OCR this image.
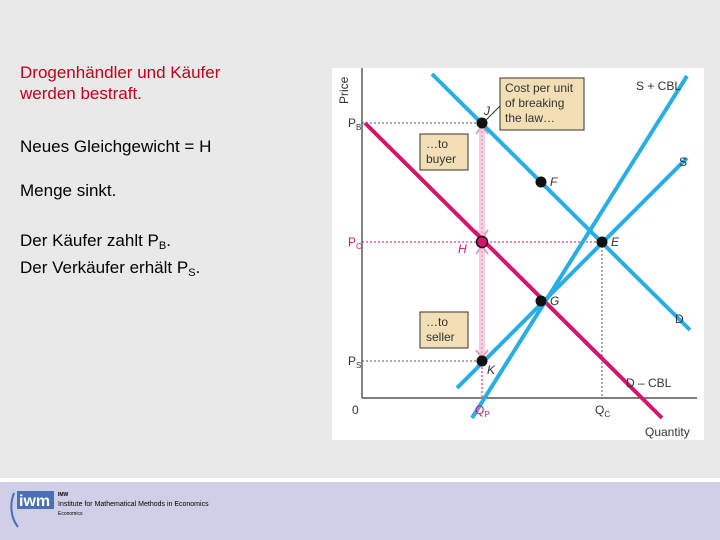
Drogenhändler und Käufer
werden bestraft.
Neues Gleichgewicht = H
Menge sinkt.
Der Käufer zahlt $P_B$.
Der Verkäufer erhält $P_S$.
Price
Quantity
0
S + CBL
S
D
D – CBL
J
F
H	E
G
K
$P_B$
$P_C$
$P_S$
$Q_P$	$Q_C$
Cost per unit
of breaking
the law…
…to
buyer
…to
seller
iwm IMW
Institute for Mathematical Methods in Economics
Economics
